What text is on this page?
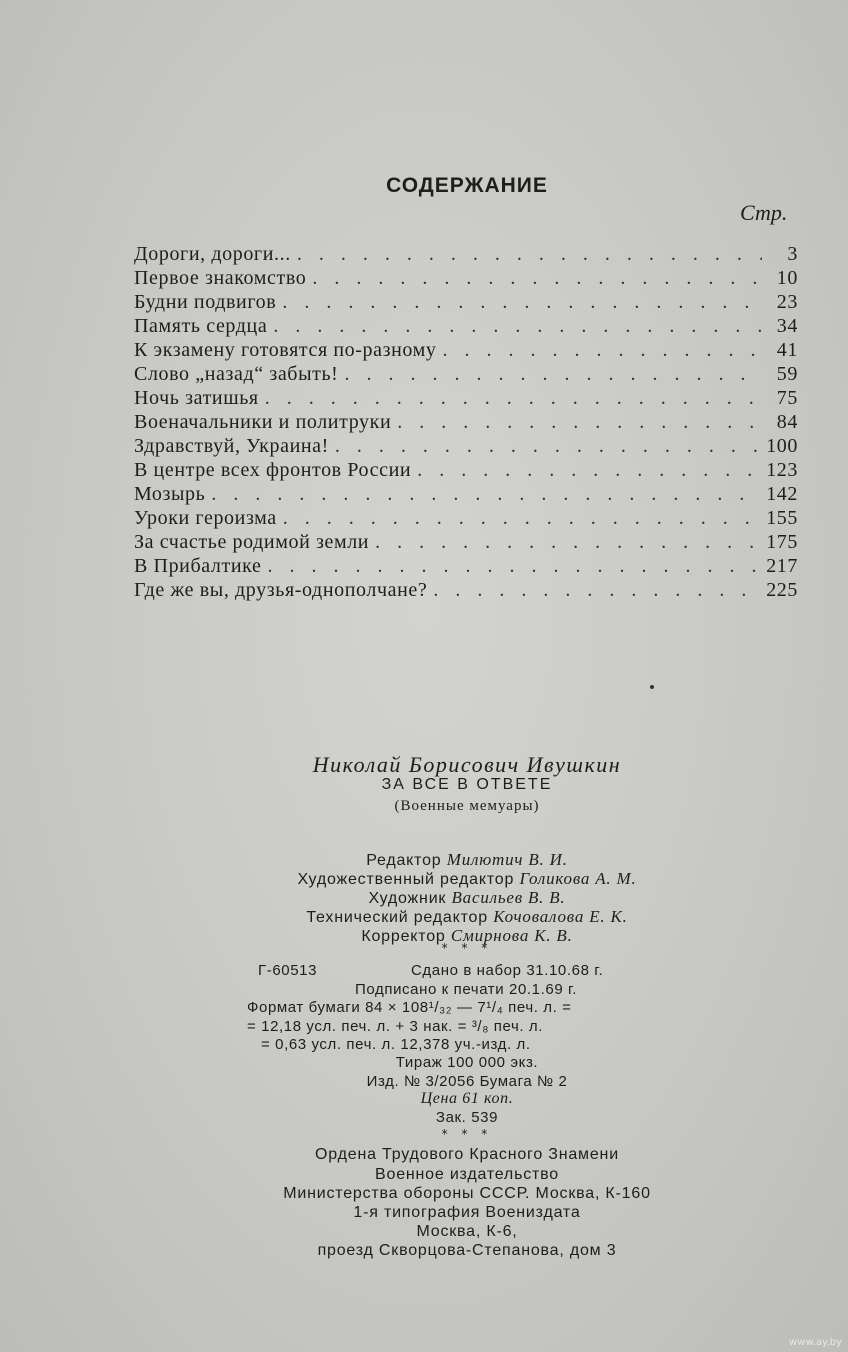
СОДЕРЖАНИЕ
Стр.
Дороги, дороги... . . .	3
Первое знакомство . . .	10
Будни подвигов . . .	23
Память сердца . . .	34
К экзамену готовятся по-разному . . .	41
Слово „назад“ забыть! . . .	59
Ночь затишья . . .	75
Военачальники и политруки . . .	84
Здравствуй, Украина! . . .	100
В центре всех фронтов России . . .	123
Мозырь . . .	142
Уроки героизма . . .	155
За счастье родимой земли . . .	175
В Прибалтике . . .	217
Где же вы, друзья-однополчане? . . .	225
Николай Борисович Ивушкин
ЗА ВСЕ В ОТВЕТЕ
(Военные мемуары)
Редактор Милютич В. И.
Художественный редактор Голикова А. М.
Художник Васильев В. В.
Технический редактор Кочовалова Е. К.
Корректор Смирнова К. В.
* * *
Г-60513	Сдано в набор 31.10.68 г.
Подписано к печати 20.1.69 г.
Формат бумаги 84 × 108¹/₃₂ — 7¹/₄ печ. л. =
= 12,18 усл. печ. л. + 3 нак. = ³/₈ печ. л.
= 0,63 усл. печ. л. 12,378 уч.-изд. л.
Тираж 100 000 экз.
Изд. № 3/2056 Бумага № 2
Цена 61 коп.
Зак. 539
* * *
Ордена Трудового Красного Знамени
Военное издательство
Министерства обороны СССР. Москва, К-160
1-я типография Воениздата
Москва, К-6,
проезд Скворцова-Степанова, дом 3
www.ay.by
